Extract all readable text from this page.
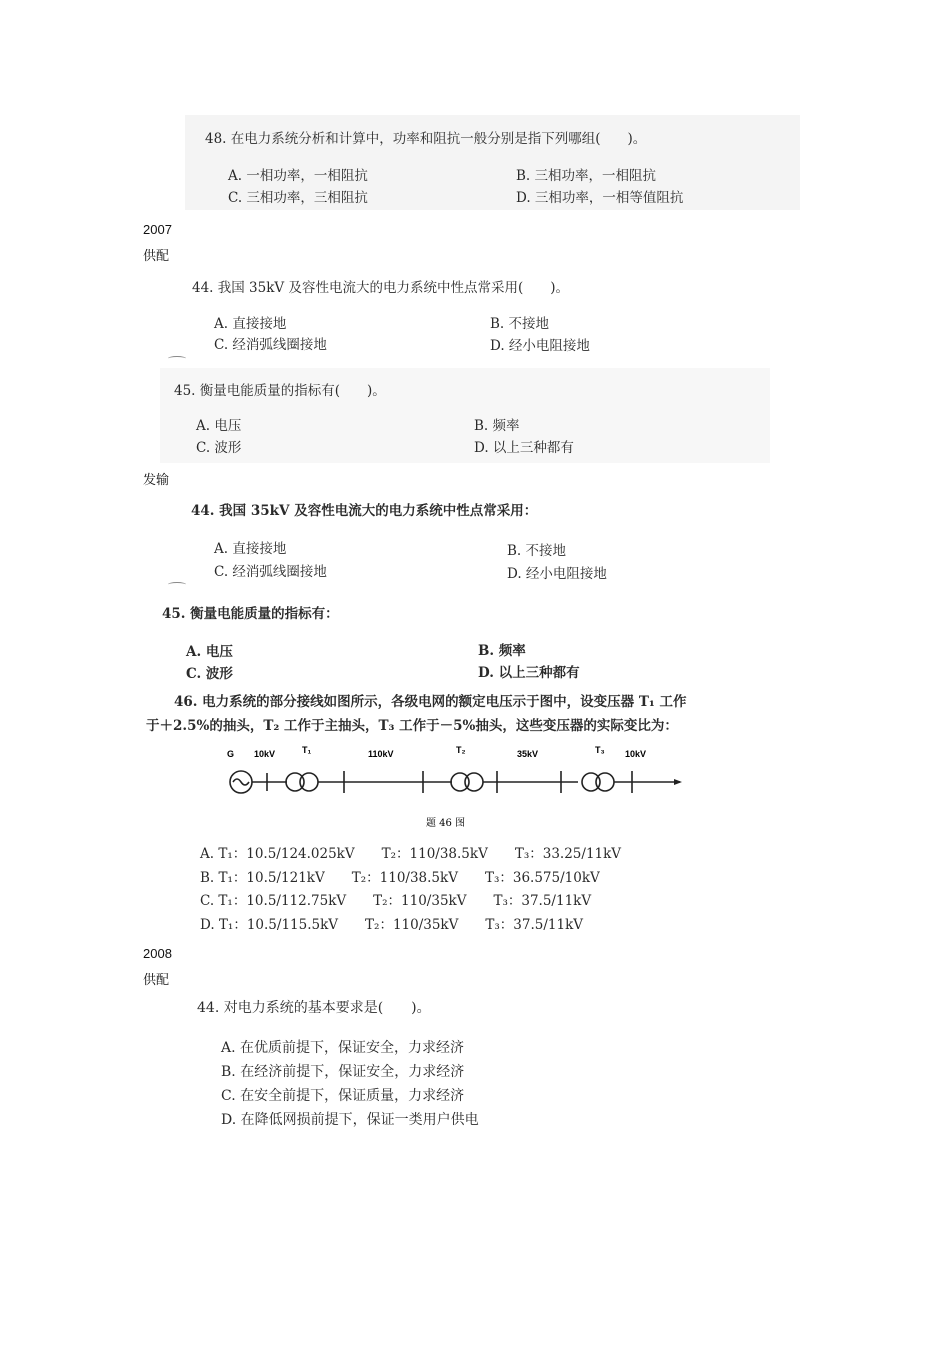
48. 在电力系统分析和计算中，功率和阻抗一般分别是指下列哪组(　　)。
A. 一相功率，一相阻抗	B. 三相功率，一相阻抗
C. 三相功率，三相阻抗	D. 三相功率，一相等值阻抗
2007
供配
44. 我国 35kV 及容性电流大的电力系统中性点常采用(　　)。
A. 直接接地	B. 不接地
C. 经消弧线圈接地	D. 经小电阻接地
45. 衡量电能质量的指标有(　　)。
A. 电压	B. 频率
C. 波形	D. 以上三种都有
发输
44. 我国 35kV 及容性电流大的电力系统中性点常采用：
A. 直接接地	B. 不接地
C. 经消弧线圈接地	D. 经小电阻接地
45. 衡量电能质量的指标有：
A. 电压	B. 频率
C. 波形	D. 以上三种都有
46. 电力系统的部分接线如图所示，各级电网的额定电压示于图中，设变压器 T₁ 工作
于＋2.5%的抽头，T₂ 工作于主抽头，T₃ 工作于－5%抽头，这些变压器的实际变比为：
G 10kV	T₁	110kV	T₂	35kV	T₃ 10kV
题 46 图
A. T₁：10.5/124.025kV　　T₂：110/38.5kV　　T₃：33.25/11kV
B. T₁：10.5/121kV　　T₂：110/38.5kV　　T₃：36.575/10kV
C. T₁：10.5/112.75kV　　T₂：110/35kV　　T₃：37.5/11kV
D. T₁：10.5/115.5kV　　T₂：110/35kV　　T₃：37.5/11kV
2008
供配
44. 对电力系统的基本要求是(　　)。
A. 在优质前提下，保证安全，力求经济
B. 在经济前提下，保证安全，力求经济
C. 在安全前提下，保证质量，力求经济
D. 在降低网损前提下，保证一类用户供电
